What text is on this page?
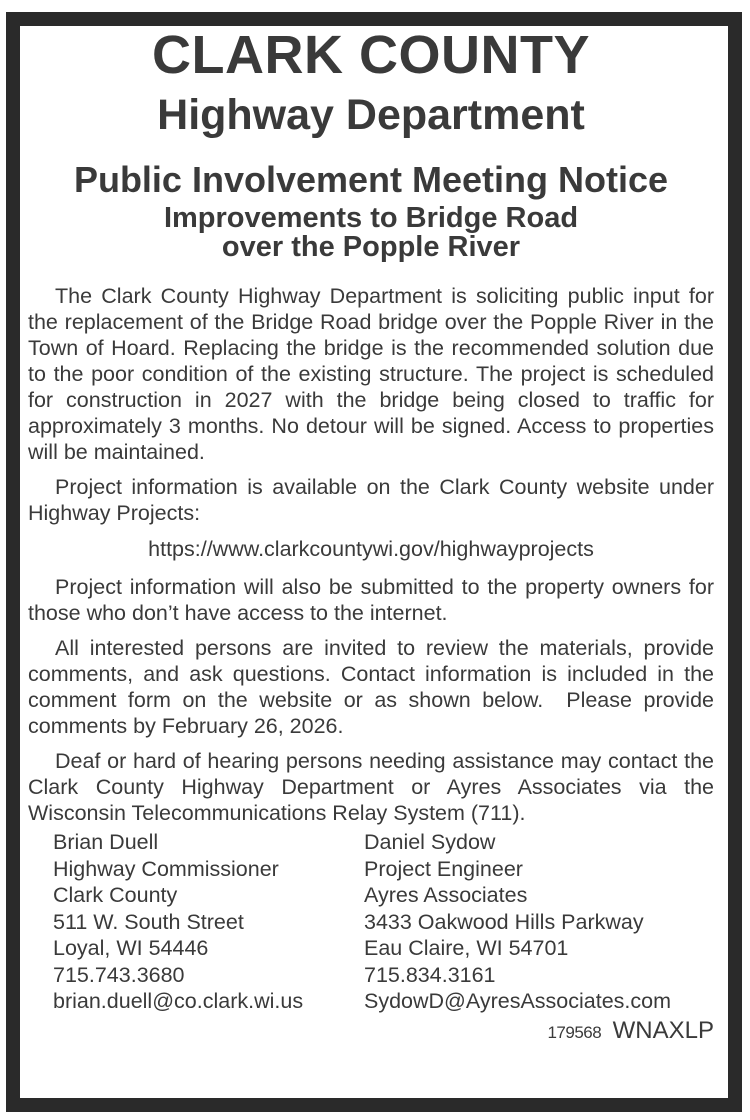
CLARK COUNTY
Highway Department
Public Involvement Meeting Notice
Improvements to Bridge Road
over the Popple River

The Clark County Highway Department is soliciting public input for the replacement of the Bridge Road bridge over the Popple River in the Town of Hoard. Replacing the bridge is the recommended solution due to the poor condition of the existing structure. The project is scheduled for construction in 2027 with the bridge being closed to traffic for approximately 3 months. No detour will be signed. Access to properties will be maintained.

Project information is available on the Clark County website under Highway Projects:

https://www.clarkcountywi.gov/highwayprojects

Project information will also be submitted to the property owners for those who don’t have access to the internet.

All interested persons are invited to review the materials, provide comments, and ask questions. Contact information is included in the comment form on the website or as shown below.  Please provide comments by February 26, 2026.

Deaf or hard of hearing persons needing assistance may contact the Clark County Highway Department or Ayres Associates via the Wisconsin Telecommunications Relay System (711).

Brian Duell
Highway Commissioner
Clark County
511 W. South Street
Loyal, WI 54446
715.743.3680
brian.duell@co.clark.wi.us
Daniel Sydow
Project Engineer
Ayres Associates
3433 Oakwood Hills Parkway
Eau Claire, WI 54701
715.834.3161
SydowD@AyresAssociates.com
179568 WNAXLP
